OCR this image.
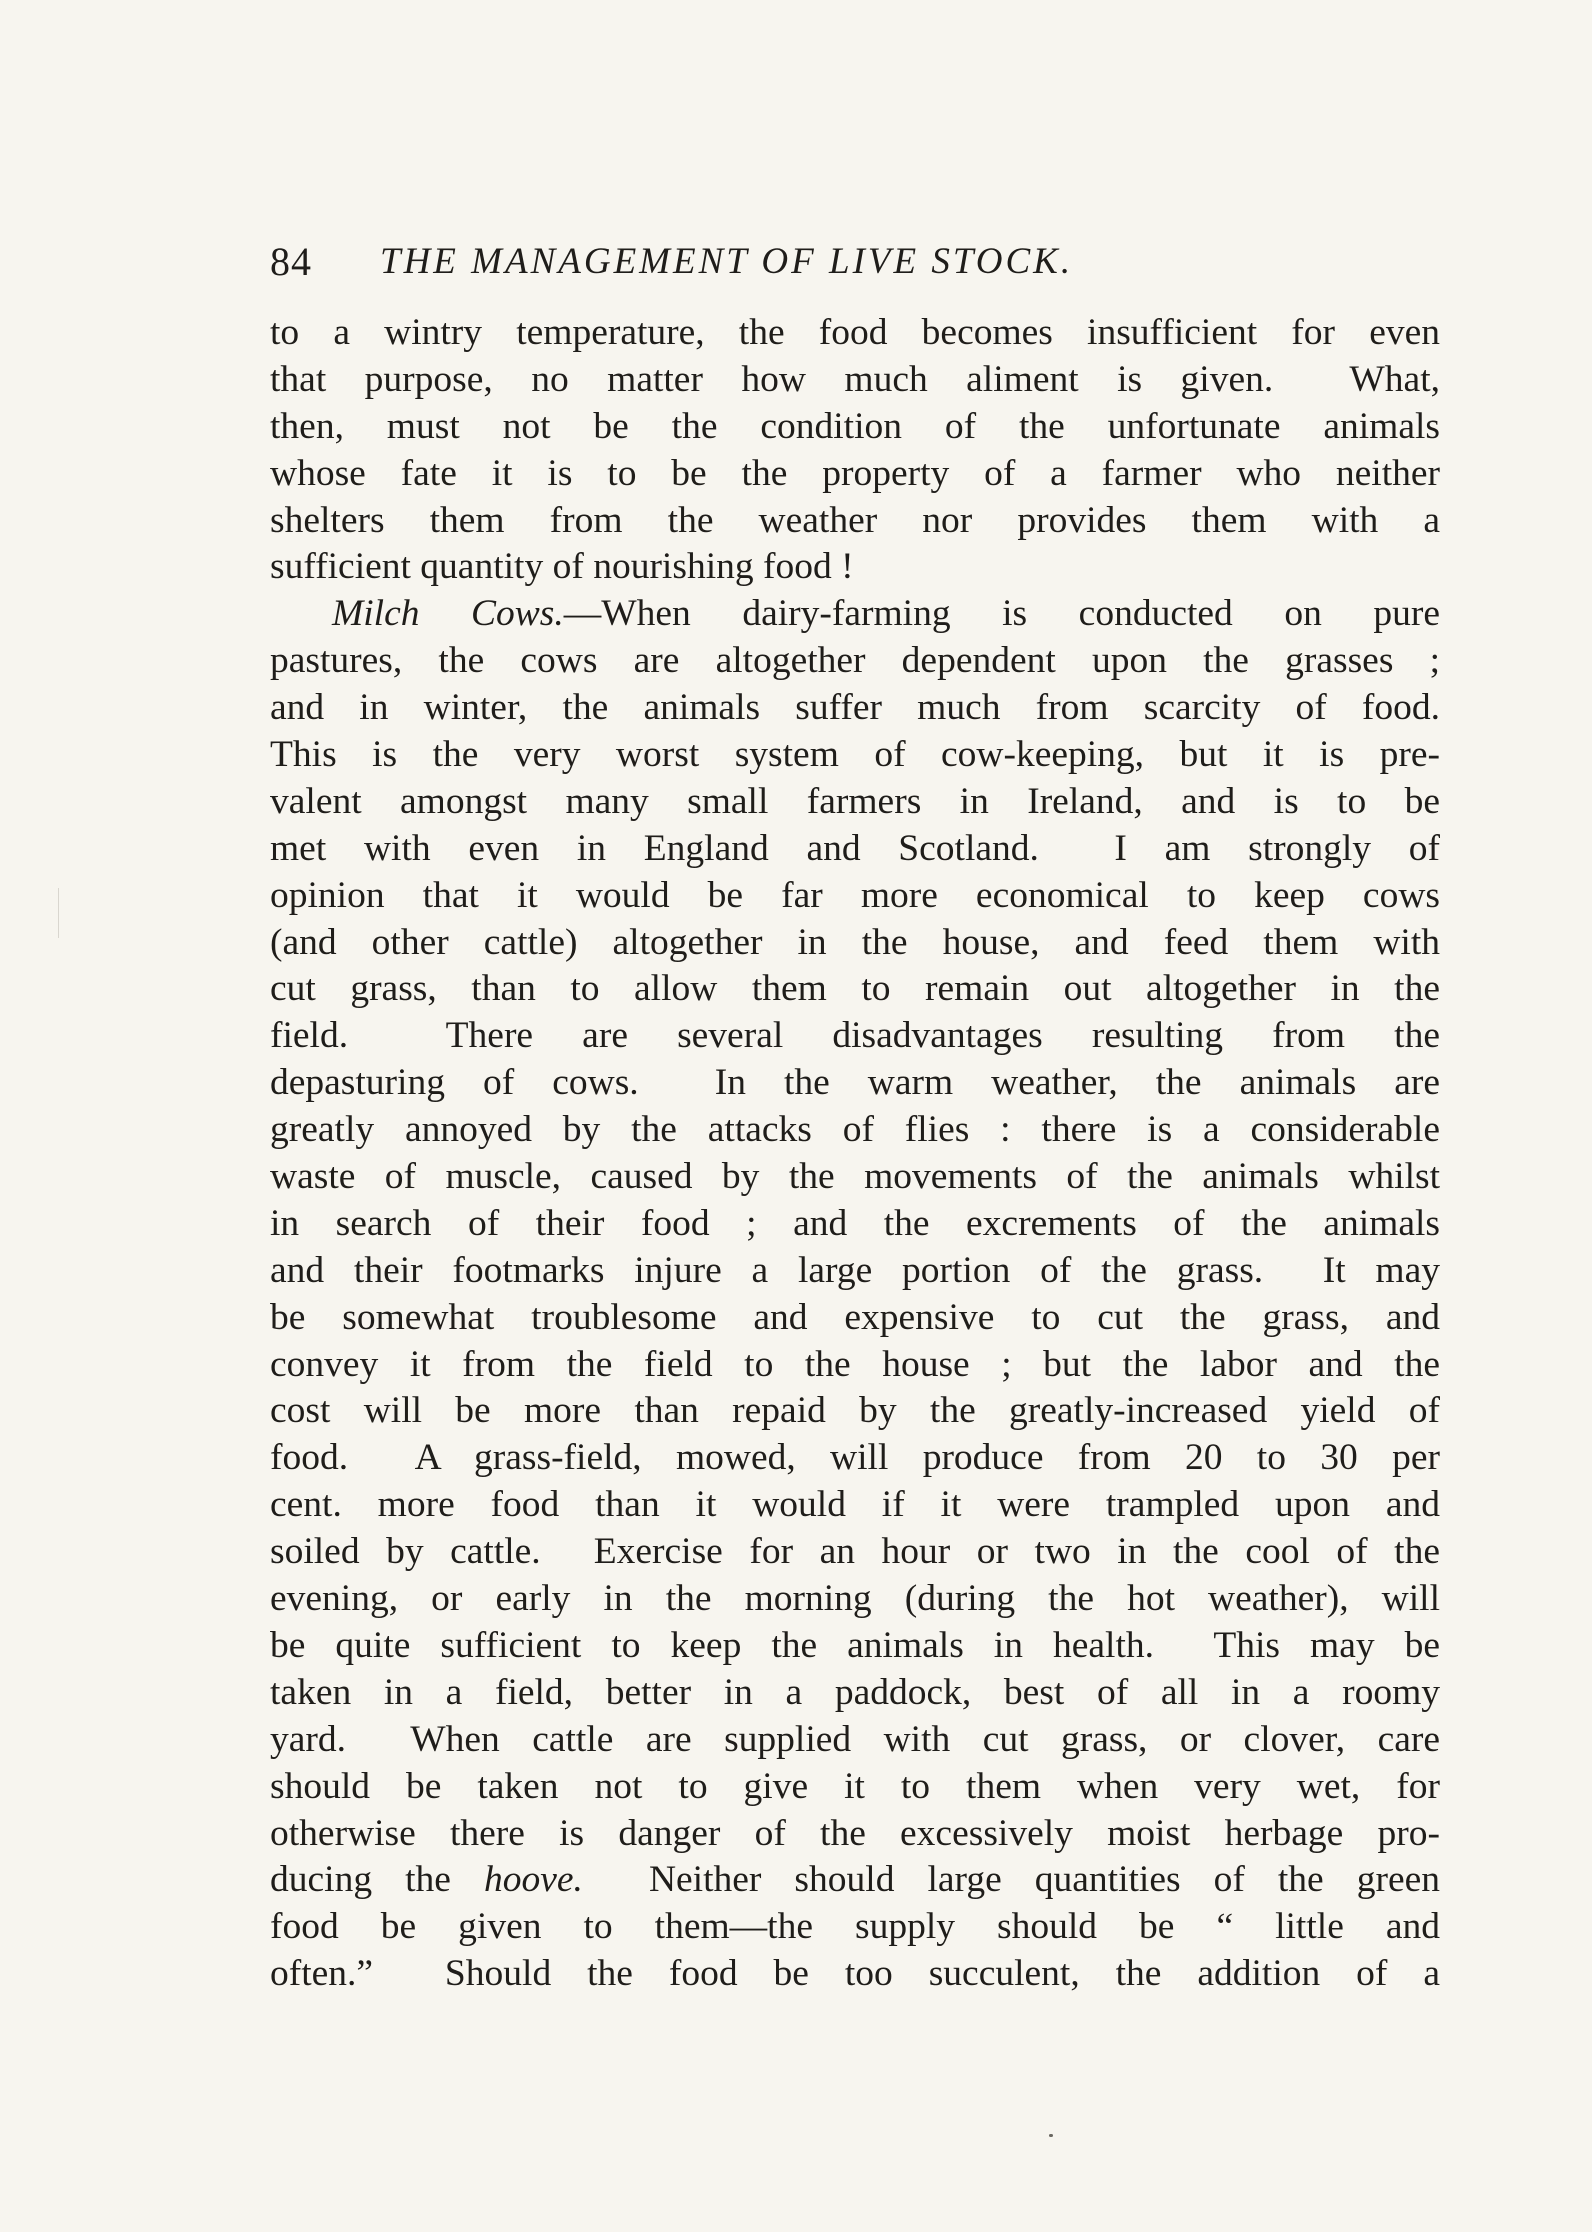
84 THE MANAGEMENT OF LIVE STOCK.
to a wintry temperature, the food becomes insufficient for even
that purpose, no matter how much aliment is given.  What,
then, must not be the condition of the unfortunate animals
whose fate it is to be the property of a farmer who neither
shelters them from the weather nor provides them with a
sufficient quantity of nourishing food !
Milch Cows.—When dairy-farming is conducted on pure
pastures, the cows are altogether dependent upon the grasses ;
and in winter, the animals suffer much from scarcity of food.
This is the very worst system of cow-keeping, but it is pre-
valent amongst many small farmers in Ireland, and is to be
met with even in England and Scotland.  I am strongly of
opinion that it would be far more economical to keep cows
(and other cattle) altogether in the house, and feed them with
cut grass, than to allow them to remain out altogether in the
field.  There are several disadvantages resulting from the
depasturing of cows.  In the warm weather, the animals are
greatly annoyed by the attacks of flies : there is a considerable
waste of muscle, caused by the movements of the animals whilst
in search of their food ; and the excrements of the animals
and their footmarks injure a large portion of the grass.  It may
be somewhat troublesome and expensive to cut the grass, and
convey it from the field to the house ; but the labor and the
cost will be more than repaid by the greatly-increased yield of
food.  A grass-field, mowed, will produce from 20 to 30 per
cent. more food than it would if it were trampled upon and
soiled by cattle.  Exercise for an hour or two in the cool of the
evening, or early in the morning (during the hot weather), will
be quite sufficient to keep the animals in health.  This may be
taken in a field, better in a paddock, best of all in a roomy
yard.  When cattle are supplied with cut grass, or clover, care
should be taken not to give it to them when very wet, for
otherwise there is danger of the excessively moist herbage pro-
ducing the hoove. Neither should large quantities of the green
food be given to them—the supply should be “ little and
often.”  Should the food be too succulent, the addition of a
